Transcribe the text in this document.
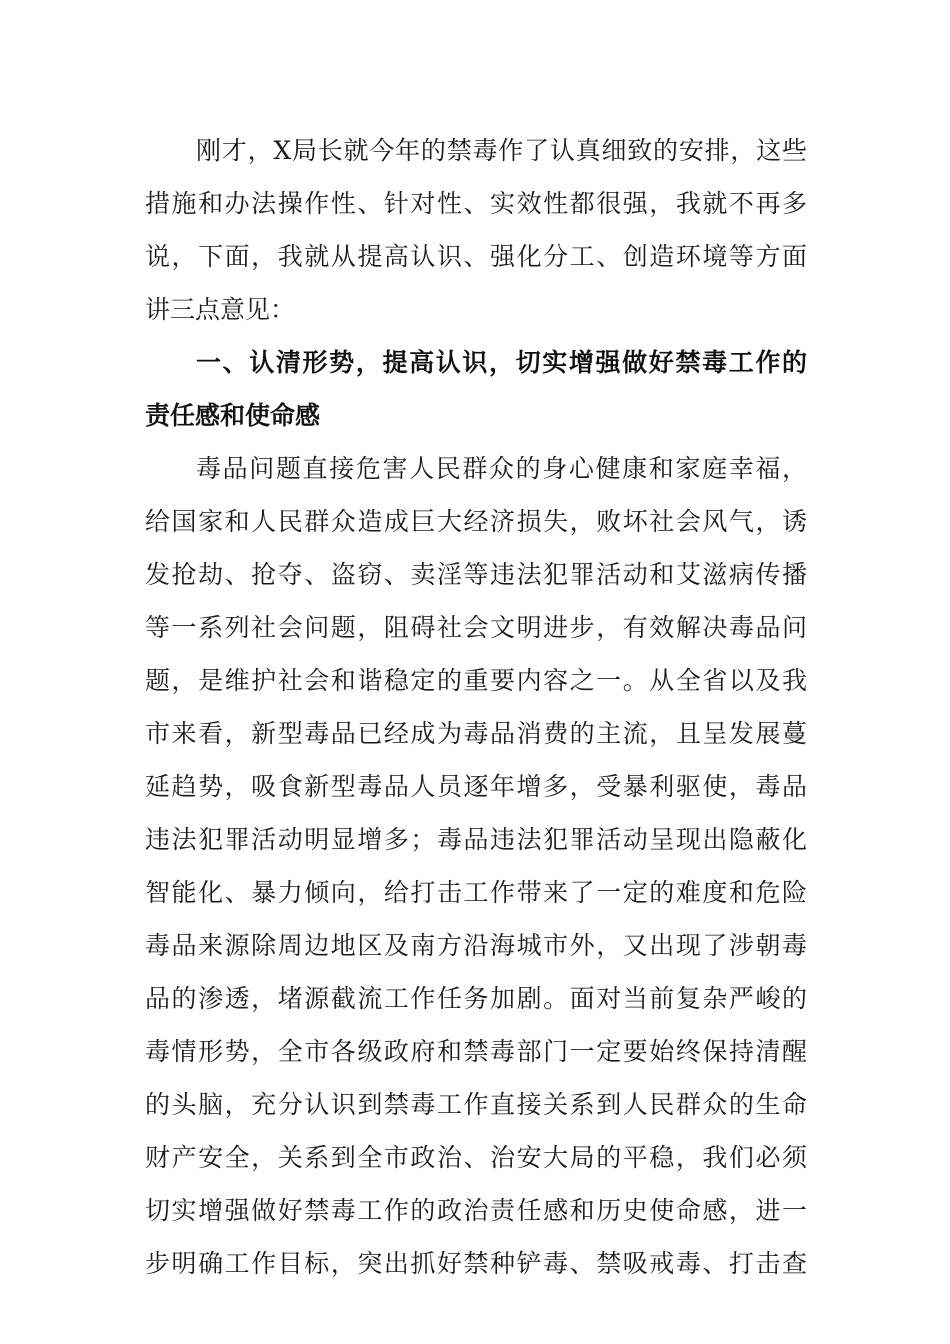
刚才，X局长就今年的禁毒作了认真细致的安排，这些
措施和办法操作性、针对性、实效性都很强，我就不再多
说，下面，我就从提高认识、强化分工、创造环境等方面
讲三点意见：
一、认清形势，提高认识，切实增强做好禁毒工作的
责任感和使命感
毒品问题直接危害人民群众的身心健康和家庭幸福，
给国家和人民群众造成巨大经济损失，败坏社会风气，诱
发抢劫、抢夺、盗窃、卖淫等违法犯罪活动和艾滋病传播
等一系列社会问题，阻碍社会文明进步，有效解决毒品问
题，是维护社会和谐稳定的重要内容之一。从全省以及我
市来看，新型毒品已经成为毒品消费的主流，且呈发展蔓
延趋势，吸食新型毒品人员逐年增多，受暴利驱使，毒品
违法犯罪活动明显增多；毒品违法犯罪活动呈现出隐蔽化
智能化、暴力倾向，给打击工作带来了一定的难度和危险
毒品来源除周边地区及南方沿海城市外，又出现了涉朝毒
品的渗透，堵源截流工作任务加剧。面对当前复杂严峻的
毒情形势，全市各级政府和禁毒部门一定要始终保持清醒
的头脑，充分认识到禁毒工作直接关系到人民群众的生命
财产安全，关系到全市政治、治安大局的平稳，我们必须
切实增强做好禁毒工作的政治责任感和历史使命感，进一
步明确工作目标，突出抓好禁种铲毒、禁吸戒毒、打击查
